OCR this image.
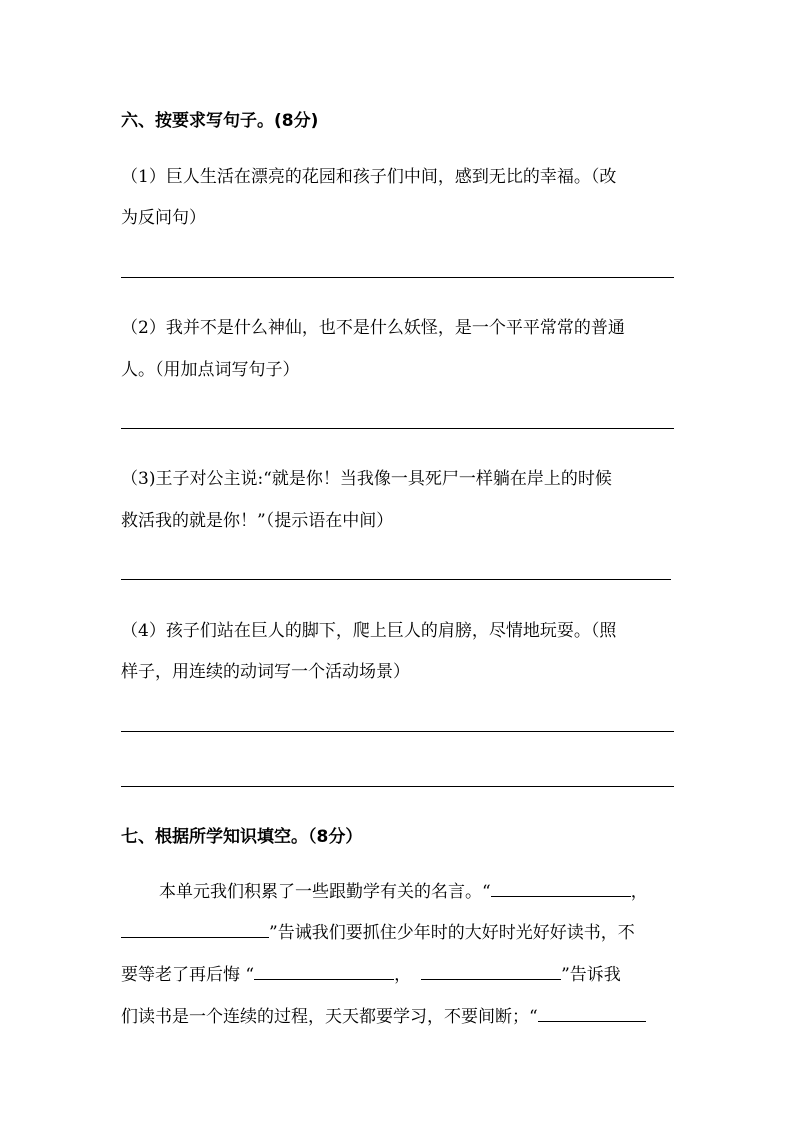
六、按要求写句子。(8分)
（1）巨人生活在漂亮的花园和孩子们中间，感到无比的幸福。（改
为反问句）
（2）我并不是什么神仙，也不是什么妖怪，是一个平平常常的普通
人。（用加点词写句子）
（3)王子对公主说:“就是你！当我像一具死尸一样躺在岸上的时候
救活我的就是你！”（提示语在中间）
（4）孩子们站在巨人的脚下，爬上巨人的肩膀，尽情地玩耍。（照
样子，用连续的动词写一个活动场景）
七、根据所学知识填空。（8分）
本单元我们积累了一些跟勤学有关的名言。“	，
”告诫我们要抓住少年时的大好时光好好读书，不
要等老了再后悔 “	，	”告诉我
们读书是一个连续的过程，天天都要学习，不要间断；“
